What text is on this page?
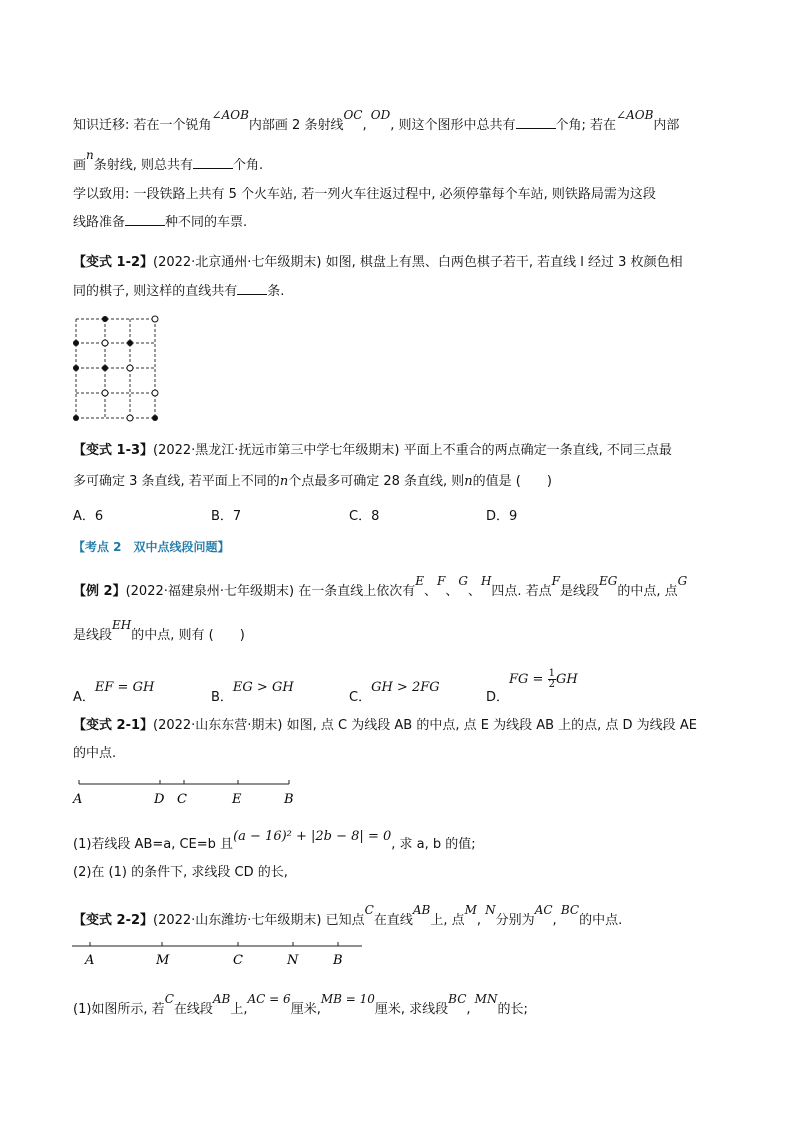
知识迁移: 若在一个锐角∠AOB内部画 2 条射线OC, OD, 则这个图形中总共有	个角; 若在∠AOB内部
画n条射线, 则总共有	个角.
学以致用: 一段铁路上共有 5 个火车站, 若一列火车往返过程中, 必须停靠每个车站, 则铁路局需为这段
线路准备	种不同的车票.
【变式 1-2】(2022·北京通州·七年级期末) 如图, 棋盘上有黑、白两色棋子若干, 若直线 l 经过 3 枚颜色相
同的棋子, 则这样的直线共有 条.
【变式 1-3】(2022·黑龙江·抚远市第三中学七年级期末) 平面上不重合的两点确定一条直线, 不同三点最
多可确定 3 条直线, 若平面上不同的n个点最多可确定 28 条直线, 则n的值是 (　　)
A．6	B．7	C．8	D．9
【考点 2　双中点线段问题】
【例 2】(2022·福建泉州·七年级期末) 在一条直线上依次有E、F、G、H四点. 若点F是线段EG的中点, 点G
是线段EH的中点, 则有 (　　)
A．EF = GH
B．EG > GH
C．GH > 2FG
D．FG = $\frac{1}{2}$ GH
【变式 2-1】(2022·山东东营·期末) 如图, 点 C 为线段 AB 的中点, 点 E 为线段 AB 上的点, 点 D 为线段 AE
的中点.
A	D C	E	B
(1)若线段 AB=a, CE=b 且(a − 16)² + |2b − 8| = 0, 求 a, b 的值;
(2)在 (1) 的条件下, 求线段 CD 的长,
【变式 2-2】(2022·山东潍坊·七年级期末) 已知点C在直线AB上, 点M, N分别为AC, BC的中点.
A	M	C	N	B
(1)如图所示, 若C在线段AB上,AC = 6厘米,MB = 10厘米, 求线段BC, MN的长;
